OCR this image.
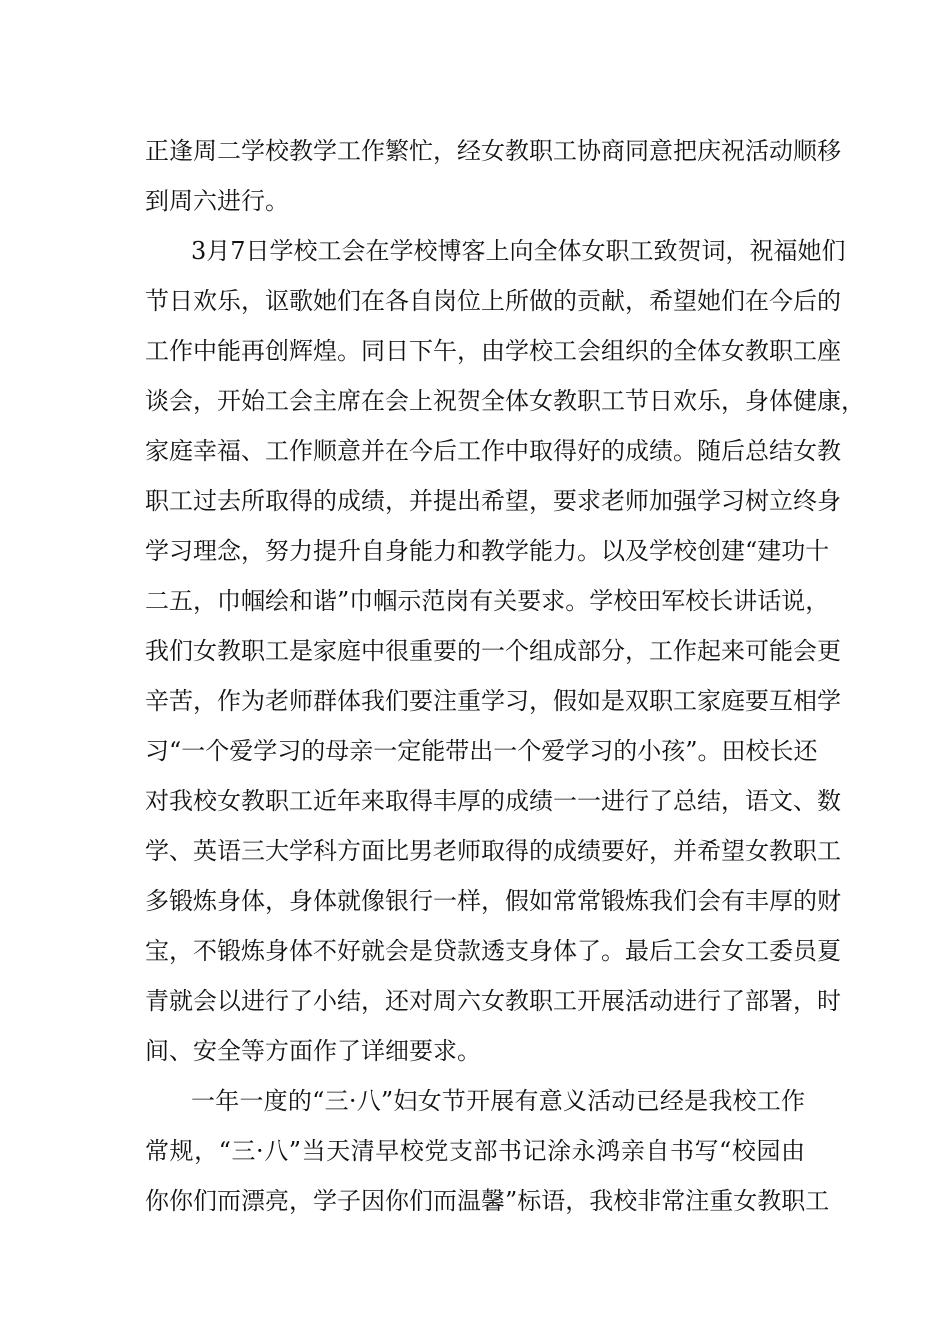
正逢周二学校教学工作繁忙，经女教职工协商同意把庆祝活动顺移
到周六进行。
3月7日学校工会在学校博客上向全体女职工致贺词，祝福她们
节日欢乐，讴歌她们在各自岗位上所做的贡献，希望她们在今后的
工作中能再创辉煌。同日下午，由学校工会组织的全体女教职工座
谈会，开始工会主席在会上祝贺全体女教职工节日欢乐，身体健康，
家庭幸福、工作顺意并在今后工作中取得好的成绩。随后总结女教
职工过去所取得的成绩，并提出希望，要求老师加强学习树立终身
学习理念，努力提升自身能力和教学能力。以及学校创建“建功十
二五，巾帼绘和谐”巾帼示范岗有关要求。学校田军校长讲话说，
我们女教职工是家庭中很重要的一个组成部分，工作起来可能会更
辛苦，作为老师群体我们要注重学习，假如是双职工家庭要互相学
习“一个爱学习的母亲一定能带出一个爱学习的小孩”。田校长还
对我校女教职工近年来取得丰厚的成绩一一进行了总结，语文、数
学、英语三大学科方面比男老师取得的成绩要好，并希望女教职工
多锻炼身体，身体就像银行一样，假如常常锻炼我们会有丰厚的财
宝，不锻炼身体不好就会是贷款透支身体了。最后工会女工委员夏
青就会以进行了小结，还对周六女教职工开展活动进行了部署，时
间、安全等方面作了详细要求。
一年一度的“三·八”妇女节开展有意义活动已经是我校工作
常规，“三·八”当天清早校党支部书记涂永鸿亲自书写“校园由
你你们而漂亮，学子因你们而温馨”标语，我校非常注重女教职工
